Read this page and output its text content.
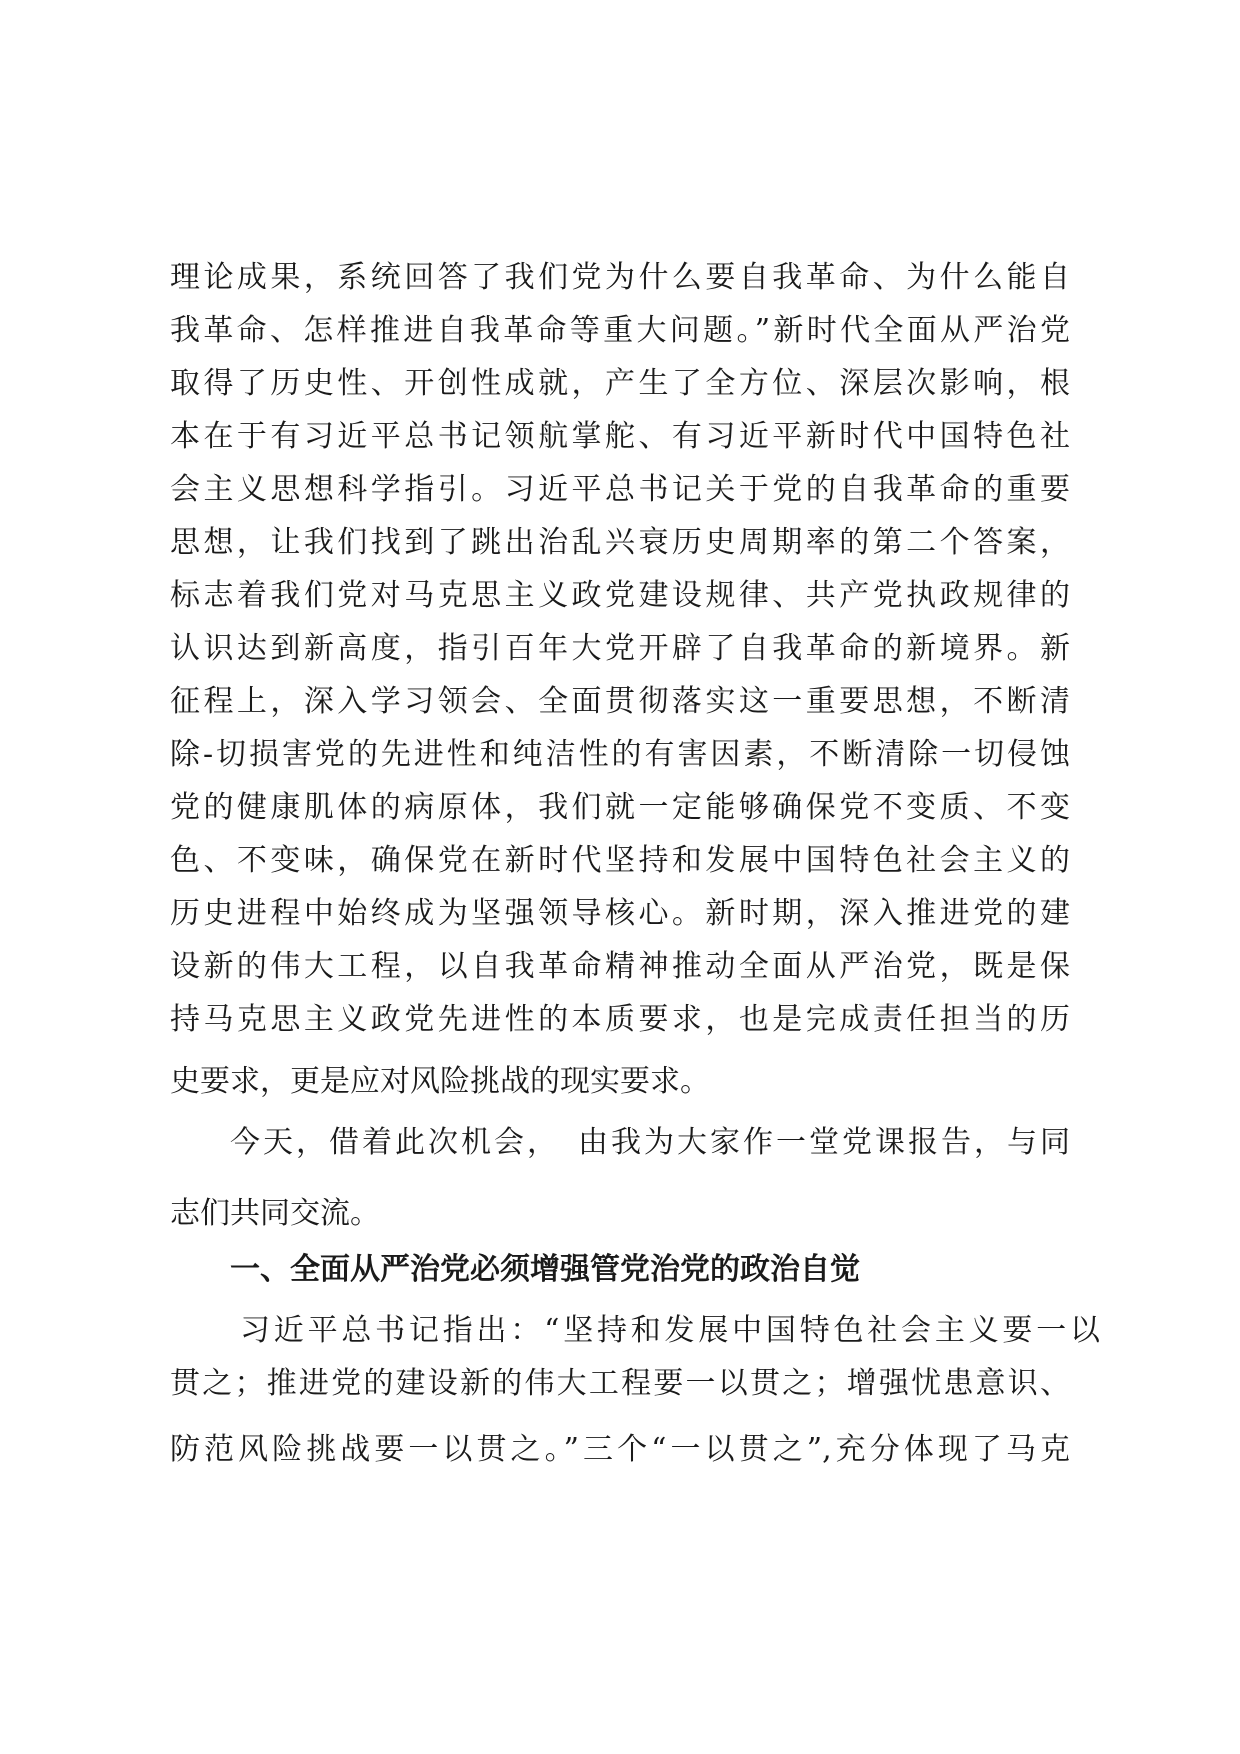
理论成果，系统回答了我们党为什么要自我革命、为什么能自
我革命、怎样推进自我革命等重大问题。”新时代全面从严治党
取得了历史性、开创性成就，产生了全方位、深层次影响，根
本在于有习近平总书记领航掌舵、有习近平新时代中国特色社
会主义思想科学指引。习近平总书记关于党的自我革命的重要
思想，让我们找到了跳出治乱兴衰历史周期率的第二个答案，
标志着我们党对马克思主义政党建设规律、共产党执政规律的
认识达到新高度，指引百年大党开辟了自我革命的新境界。新
征程上，深入学习领会、全面贯彻落实这一重要思想，不断清
除-切损害党的先进性和纯洁性的有害因素，不断清除一切侵蚀
党的健康肌体的病原体，我们就一定能够确保党不变质、不变
色、不变味，确保党在新时代坚持和发展中国特色社会主义的
历史进程中始终成为坚强领导核心。新时期，深入推进党的建
设新的伟大工程，以自我革命精神推动全面从严治党，既是保
持马克思主义政党先进性的本质要求，也是完成责任担当的历
史要求，更是应对风险挑战的现实要求。
今天，借着此次机会，　由我为大家作一堂党课报告，与同
志们共同交流。
一、全面从严治党必须增强管党治党的政治自觉
习近平总书记指出：“坚持和发展中国特色社会主义要一以
贯之；推进党的建设新的伟大工程要一以贯之；增强忧患意识、
防范风险挑战要一以贯之。”三个“一以贯之”,充分体现了马克
